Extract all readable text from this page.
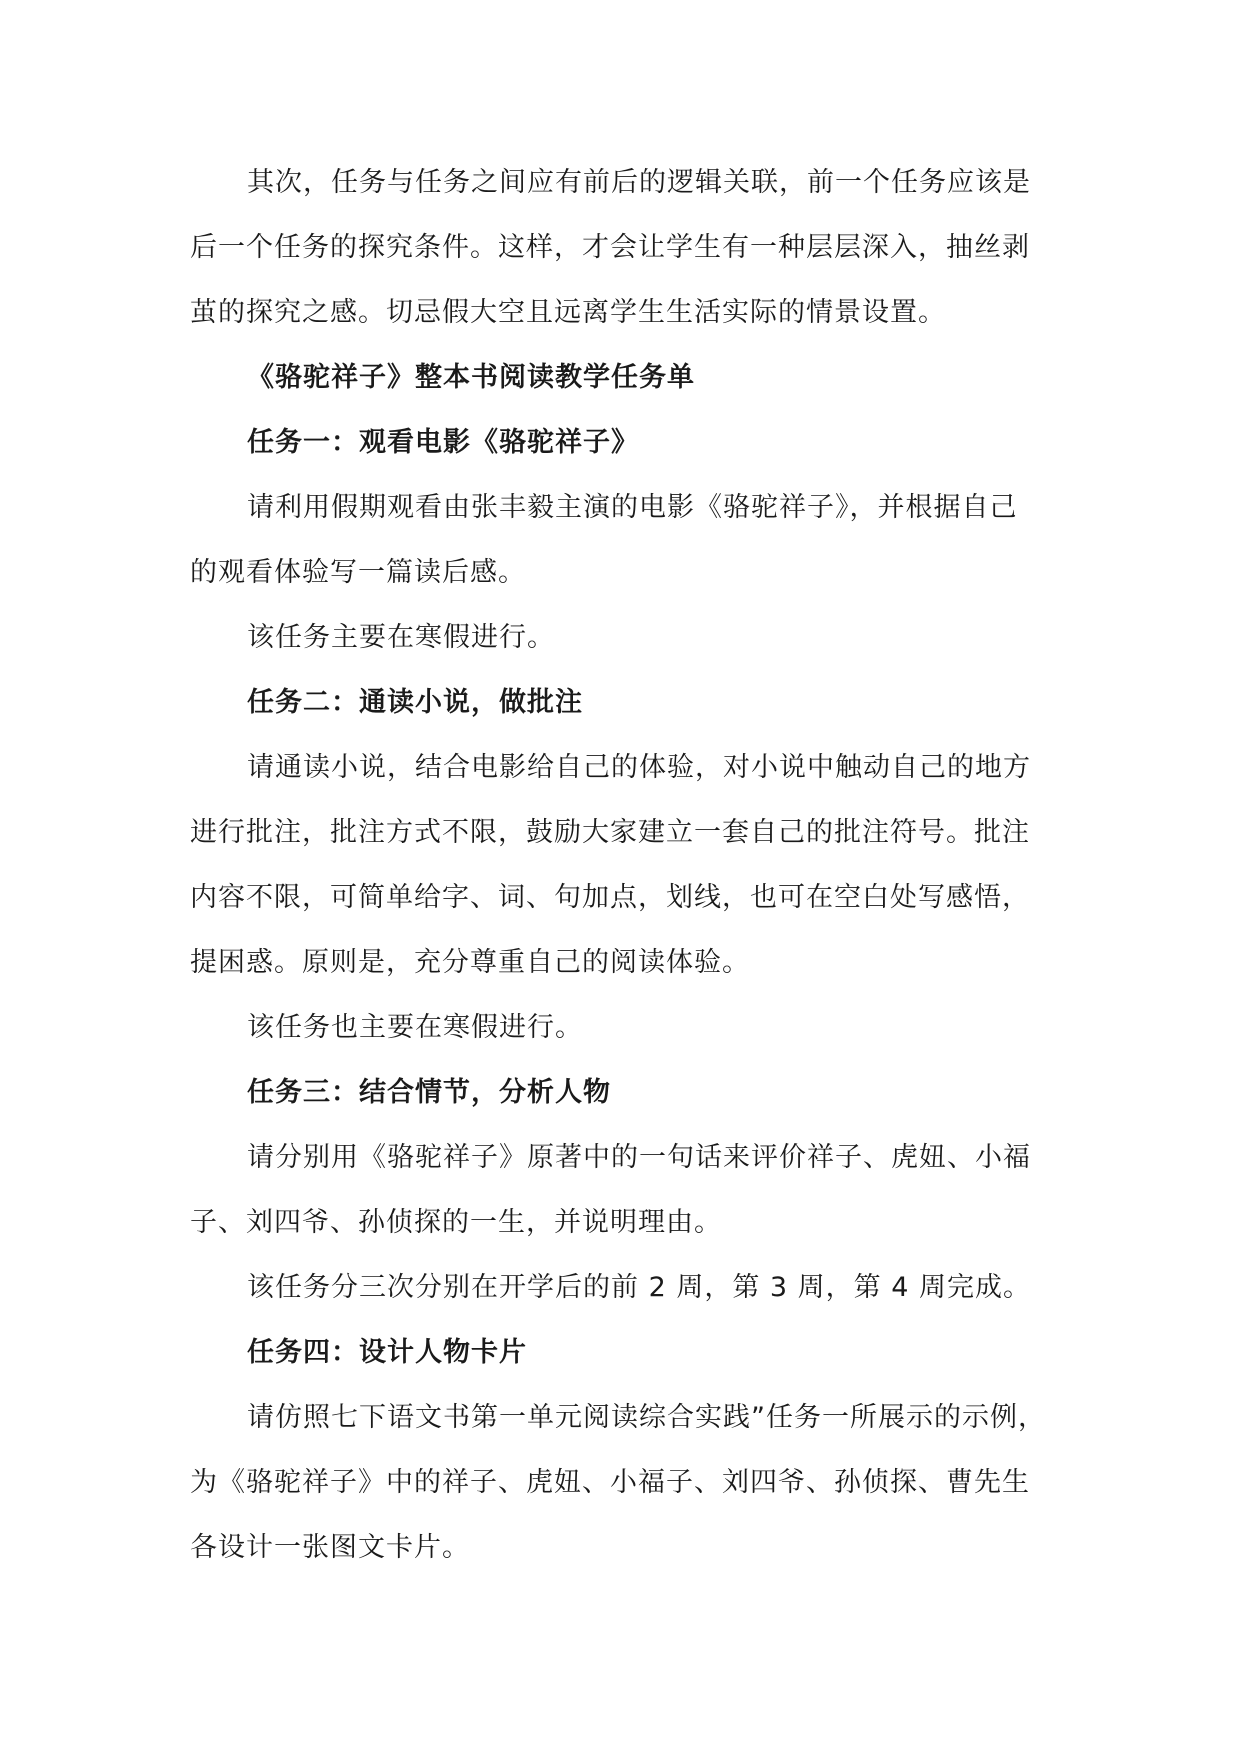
其次，任务与任务之间应有前后的逻辑关联，前一个任务应该是
后一个任务的探究条件。这样，才会让学生有一种层层深入，抽丝剥
茧的探究之感。切忌假大空且远离学生生活实际的情景设置。
《骆驼祥子》整本书阅读教学任务单
任务一：观看电影《骆驼祥子》
请利用假期观看由张丰毅主演的电影《骆驼祥子》，并根据自己
的观看体验写一篇读后感。
该任务主要在寒假进行。
任务二：通读小说，做批注
请通读小说，结合电影给自己的体验，对小说中触动自己的地方
进行批注，批注方式不限，鼓励大家建立一套自己的批注符号。批注
内容不限，可简单给字、词、句加点，划线，也可在空白处写感悟，
提困惑。原则是，充分尊重自己的阅读体验。
该任务也主要在寒假进行。
任务三：结合情节，分析人物
请分别用《骆驼祥子》原著中的一句话来评价祥子、虎妞、小福
子、刘四爷、孙侦探的一生，并说明理由。
该任务分三次分别在开学后的前 2 周，第 3 周，第 4 周完成。
任务四：设计人物卡片
请仿照七下语文书第一单元阅读综合实践”任务一所展示的示例，
为《骆驼祥子》中的祥子、虎妞、小福子、刘四爷、孙侦探、曹先生
各设计一张图文卡片。
